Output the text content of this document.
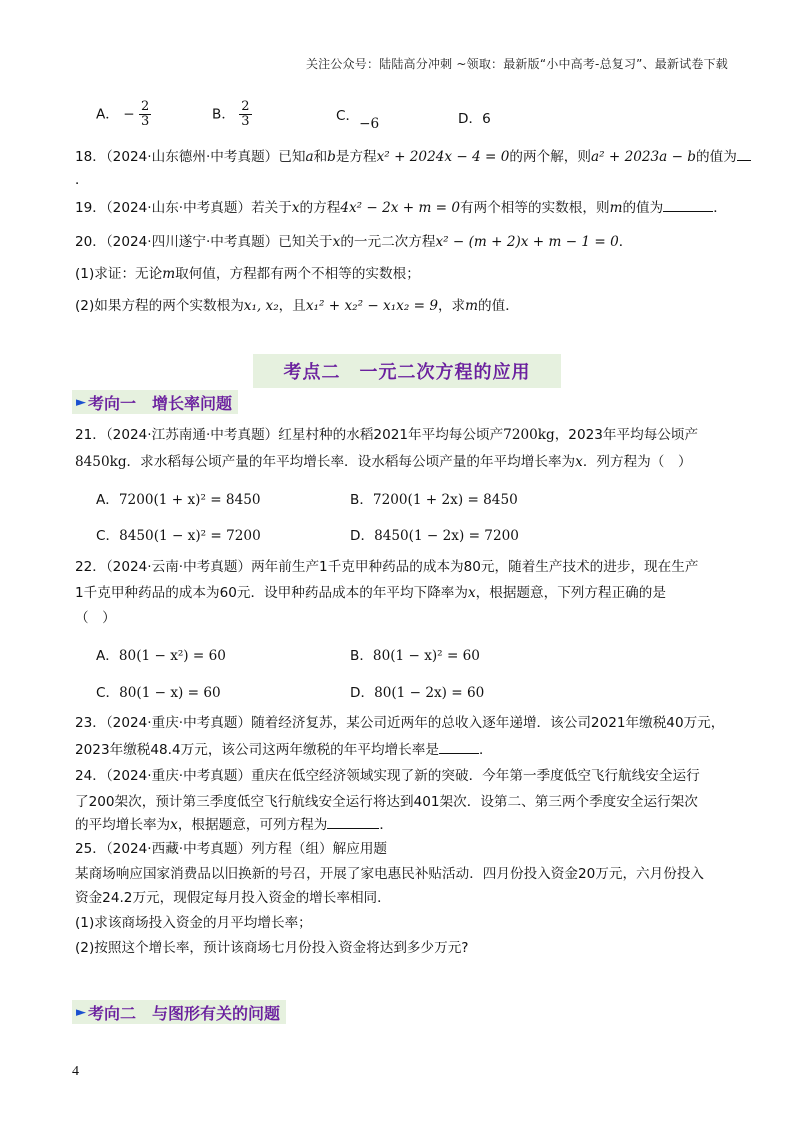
关注公众号：陆陆高分冲刺 ~领取：最新版“小中高考-总复习”、最新试卷下载
A． − $\frac{2}{3}$	B． $\frac{2}{3}$	C．−6	D．6
18．（2024·山东德州·中考真题）已知a和b是方程x² + 2024x − 4 = 0的两个解，则a² + 2023a − b的值为
．
19．（2024·山东·中考真题）若关于x的方程4x² − 2x + m = 0有两个相等的实数根，则m的值为	．
20．（2024·四川遂宁·中考真题）已知关于x的一元二次方程x² − (m + 2)x + m − 1 = 0．
(1)求证：无论m取何值，方程都有两个不相等的实数根；
(2)如果方程的两个实数根为x₁, x₂，且x₁² + x₂² − x₁x₂ = 9，求m的值．
考点二　一元二次方程的应用
► 考向一　增长率问题
21．（2024·江苏南通·中考真题）红星村种的水稻2021年平均每公顷产7200kg，2023年平均每公顷产
8450kg．求水稻每公顷产量的年平均增长率．设水稻每公顷产量的年平均增长率为x．列方程为（　）
A．7200(1 + x)² = 8450	B．7200(1 + 2x) = 8450
C．8450(1 − x)² = 7200	D．8450(1 − 2x) = 7200
22．（2024·云南·中考真题）两年前生产1千克甲种药品的成本为80元，随着生产技术的进步，现在生产
1千克甲种药品的成本为60元．设甲种药品成本的年平均下降率为x，根据题意，下列方程正确的是
（　）
A．80(1 − x²) = 60	B．80(1 − x)² = 60
C．80(1 − x) = 60	D．80(1 − 2x) = 60
23．（2024·重庆·中考真题）随着经济复苏，某公司近两年的总收入逐年递增．该公司2021年缴税40万元，
2023年缴税48.4万元，该公司这两年缴税的年平均增长率是	．
24．（2024·重庆·中考真题）重庆在低空经济领域实现了新的突破．今年第一季度低空飞行航线安全运行
了200架次，预计第三季度低空飞行航线安全运行将达到401架次．设第二、第三两个季度安全运行架次
的平均增长率为x，根据题意，可列方程为	．
25．（2024·西藏·中考真题）列方程（组）解应用题
某商场响应国家消费品以旧换新的号召，开展了家电惠民补贴活动．四月份投入资金20万元，六月份投入
资金24.2万元，现假定每月投入资金的增长率相同．
(1)求该商场投入资金的月平均增长率；
(2)按照这个增长率，预计该商场七月份投入资金将达到多少万元?
► 考向二　与图形有关的问题
4
